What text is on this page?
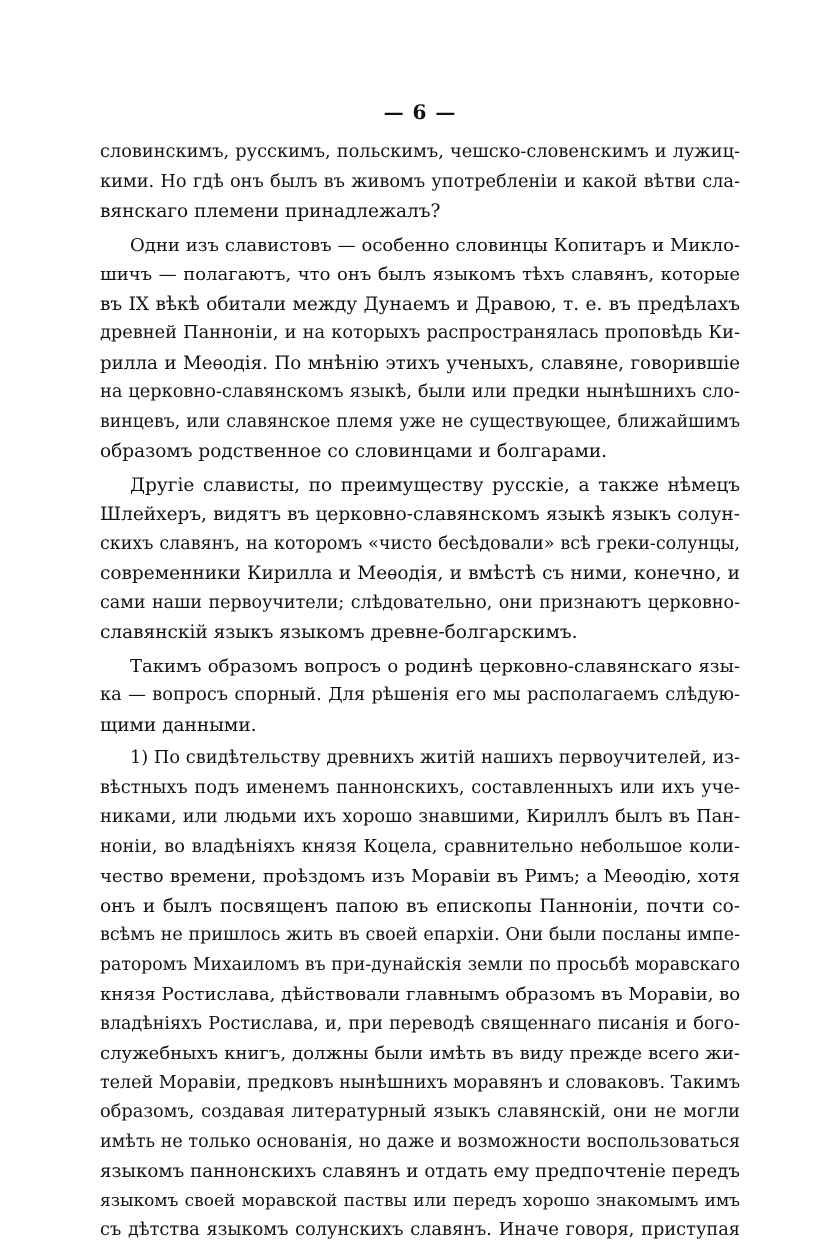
— 6 —

словинскимъ, русскимъ, польскимъ, чешско-словенскимъ и лужиц-
кими. Но гдѣ онъ былъ въ живомъ употребленіи и какой вѣтви сла-
вянскаго племени принадлежалъ?
Одни изъ славистовъ — особенно словинцы Копитаръ и Миклo-
шичъ — полагаютъ, что онъ былъ языкомъ тѣхъ славянъ, которые
въ IX вѣкѣ обитали между Дунаемъ и Дравою, т. е. въ предѣлахъ
древней Панноніи, и на которыхъ распространялась проповѣдь Ки-
рилла и Меѳодія. По мнѣнію этихъ ученыхъ, славяне, говорившіе
на церковно-славянскомъ языкѣ, были или предки нынѣшнихъ сло-
винцевъ, или славянское племя уже не существующее, ближайшимъ
образомъ родственное со словинцами и болгарами.
Другіе слависты, по преимуществу русскіе, а также нѣмецъ
Шлейхеръ, видятъ въ церковно-славянскомъ языкѣ языкъ солун-
скихъ славянъ, на которомъ «чисто бесѣдовали» всѣ греки-солунцы,
современники Кирилла и Меѳодія, и вмѣстѣ съ ними, конечно, и
сами наши первоучители; слѣдовательно, они признаютъ церковно-
славянскій языкъ языкомъ древне-болгарскимъ.
Такимъ образомъ вопросъ о родинѣ церковно-славянскаго язы-
ка — вопросъ спорный. Для рѣшенія его мы располагаемъ слѣдую-
щими данными.
1) По свидѣтельству древнихъ житій нашихъ первоучителей, из-
вѣстныхъ подъ именемъ паннонскихъ, составленныхъ или ихъ уче-
никами, или людьми ихъ хорошо знавшими, Кириллъ былъ въ Пан-
ноніи, во владѣніяхъ князя Коцела, сравнительно небольшое коли-
чество времени, проѣздомъ изъ Моравіи въ Римъ; а Меѳодію, хотя
онъ и былъ посвященъ папою въ епископы Панноніи, почти со-
всѣмъ не пришлось жить въ своей епархіи. Они были посланы импе-
раторомъ Михаиломъ въ при-дунайскія земли по просьбѣ моравскаго
князя Ростислава, дѣйствовали главнымъ образомъ въ Моравіи, во
владѣніяхъ Ростислава, и, при переводѣ священнаго писанія и бого-
служебныхъ книгъ, должны были имѣть въ виду прежде всего жи-
телей Моравіи, предковъ нынѣшнихъ моравянъ и словаковъ. Такимъ
образомъ, создавая литературный языкъ славянскій, они не могли
имѣть не только основанія, но даже и возможности воспользоваться
языкомъ паннонскихъ славянъ и отдать ему предпочтеніе передъ
языкомъ своей моравской паствы или передъ хорошо знакомымъ имъ
съ дѣтства языкомъ солунскихъ славянъ. Иначе говоря, приступая
